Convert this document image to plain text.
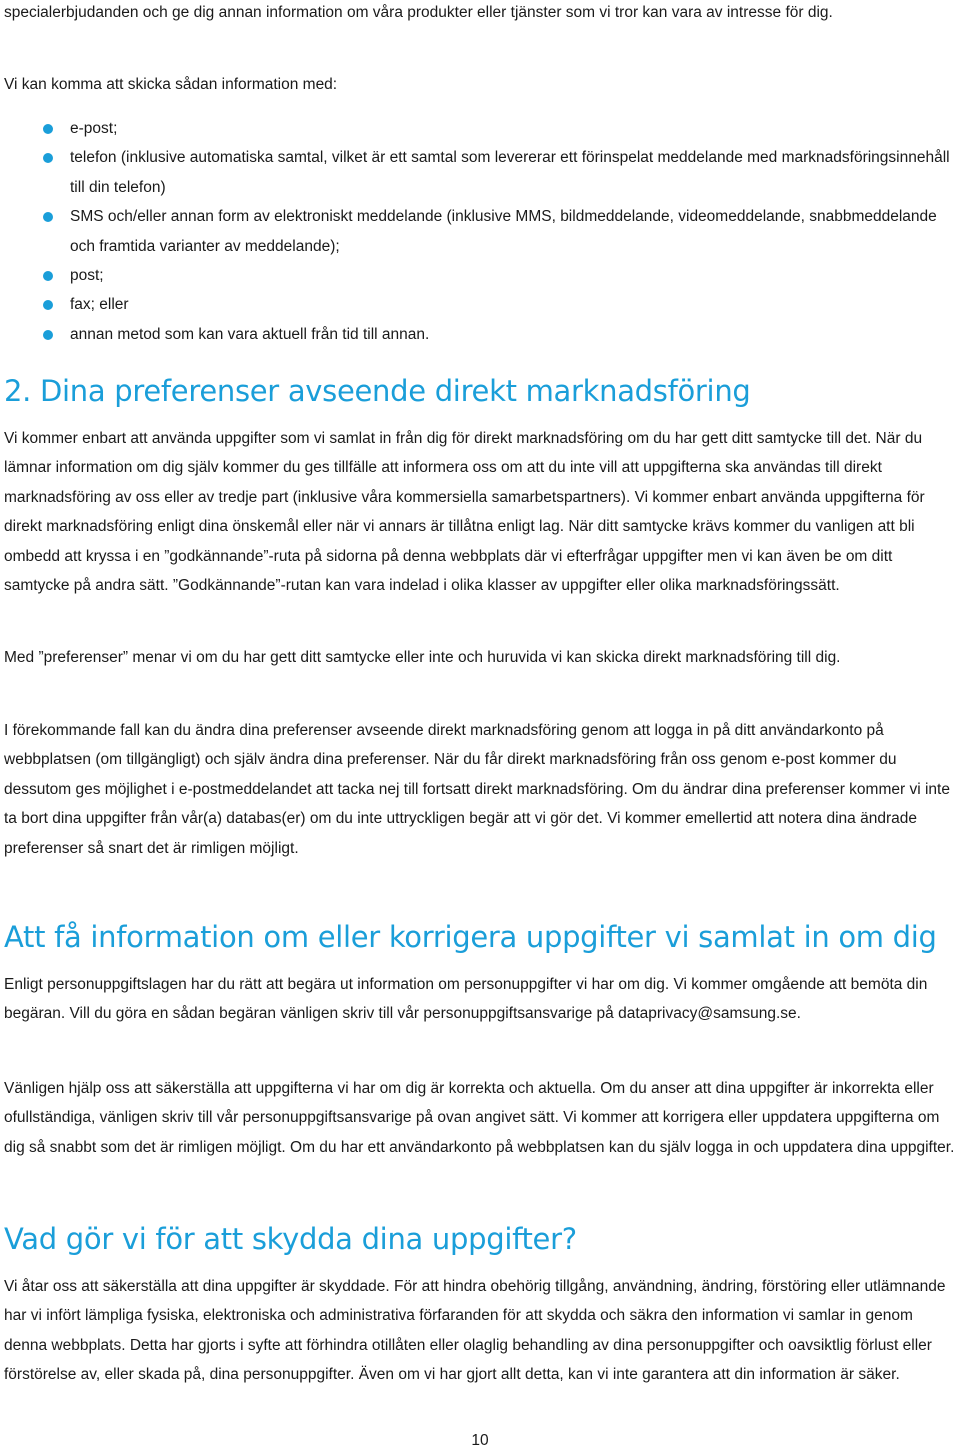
specialerbjudanden och ge dig annan information om våra produkter eller tjänster som vi tror kan vara av intresse för dig.

Vi kan komma att skicka sådan information med:

e-post;
telefon (inklusive automatiska samtal, vilket är ett samtal som levererar ett förinspelat meddelande med marknadsföringsinnehåll till din telefon)
SMS och/eller annan form av elektroniskt meddelande (inklusive MMS, bildmeddelande, videomeddelande, snabbmeddelande och framtida varianter av meddelande);
post;
fax; eller
annan metod som kan vara aktuell från tid till annan.
2. Dina preferenser avseende direkt marknadsföring

Vi kommer enbart att använda uppgifter som vi samlat in från dig för direkt marknadsföring om du har gett ditt samtycke till det. När du lämnar information om dig själv kommer du ges tillfälle att informera oss om att du inte vill att uppgifterna ska användas till direkt marknadsföring av oss eller av tredje part (inklusive våra kommersiella samarbetspartners). Vi kommer enbart använda uppgifterna för direkt marknadsföring enligt dina önskemål eller när vi annars är tillåtna enligt lag. När ditt samtycke krävs kommer du vanligen att bli ombedd att kryssa i en ”godkännande”-ruta på sidorna på denna webbplats där vi efterfrågar uppgifter men vi kan även be om ditt samtycke på andra sätt. ”Godkännande”-rutan kan vara indelad i olika klasser av uppgifter eller olika marknadsföringssätt.

Med ”preferenser” menar vi om du har gett ditt samtycke eller inte och huruvida vi kan skicka direkt marknadsföring till dig.

I förekommande fall kan du ändra dina preferenser avseende direkt marknadsföring genom att logga in på ditt användarkonto på webbplatsen (om tillgängligt) och själv ändra dina preferenser. När du får direkt marknadsföring från oss genom e-post kommer du dessutom ges möjlighet i e-postmeddelandet att tacka nej till fortsatt direkt marknadsföring. Om du ändrar dina preferenser kommer vi inte ta bort dina uppgifter från vår(a) databas(er) om du inte uttryckligen begär att vi gör det. Vi kommer emellertid att notera dina ändrade preferenser så snart det är rimligen möjligt.

Att få information om eller korrigera uppgifter vi samlat in om dig

Enligt personuppgiftslagen har du rätt att begära ut information om personuppgifter vi har om dig. Vi kommer omgående att bemöta din begäran. Vill du göra en sådan begäran vänligen skriv till vår personuppgiftsansvarige på dataprivacy@samsung.se.

Vänligen hjälp oss att säkerställa att uppgifterna vi har om dig är korrekta och aktuella. Om du anser att dina uppgifter är inkorrekta eller ofullständiga, vänligen skriv till vår personuppgiftsansvarige på ovan angivet sätt. Vi kommer att korrigera eller uppdatera uppgifterna om dig så snabbt som det är rimligen möjligt. Om du har ett användarkonto på webbplatsen kan du själv logga in och uppdatera dina uppgifter.

Vad gör vi för att skydda dina uppgifter?

Vi åtar oss att säkerställa att dina uppgifter är skyddade. För att hindra obehörig tillgång, användning, ändring, förstöring eller utlämnande har vi infört lämpliga fysiska, elektroniska och administrativa förfaranden för att skydda och säkra den information vi samlar in genom denna webbplats. Detta har gjorts i syfte att förhindra otillåten eller olaglig behandling av dina personuppgifter och oavsiktlig förlust eller förstörelse av, eller skada på, dina personuppgifter. Även om vi har gjort allt detta, kan vi inte garantera att din information är säker.

10
